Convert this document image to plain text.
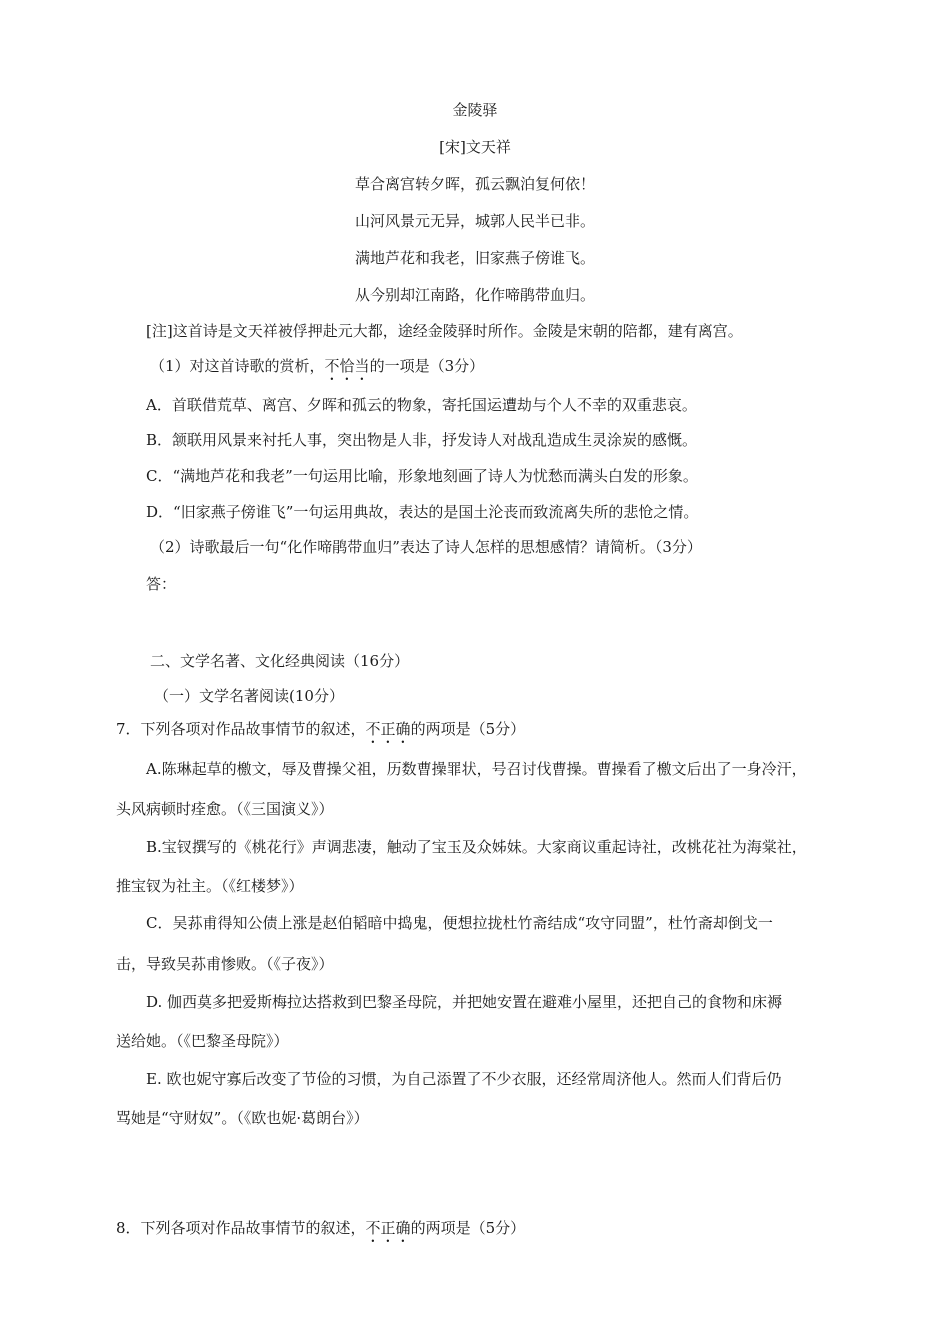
金陵驿
[宋]文天祥
草合离宫转夕晖，孤云飘泊复何依！
山河风景元无异，城郭人民半已非。
满地芦花和我老，旧家燕子傍谁飞。
从今别却江南路，化作啼鹃带血归。
[注]这首诗是文天祥被俘押赴元大都，途经金陵驿时所作。金陵是宋朝的陪都，建有离宫。
（1）对这首诗歌的赏析，不恰当的一项是（3分）
A．首联借荒草、离宫、夕晖和孤云的物象，寄托国运遭劫与个人不幸的双重悲哀。
B．颔联用风景来衬托人事，突出物是人非，抒发诗人对战乱造成生灵涂炭的感慨。
C．“满地芦花和我老”一句运用比喻，形象地刻画了诗人为忧愁而满头白发的形象。
D．“旧家燕子傍谁飞”一句运用典故，表达的是国土沦丧而致流离失所的悲怆之情。
（2）诗歌最后一句“化作啼鹃带血归”表达了诗人怎样的思想感情？请简析。（3分）
答：
二、文学名著、文化经典阅读（16分）
（一）文学名著阅读(10分）
7．下列各项对作品故事情节的叙述，不正确的两项是（5分）
A.陈琳起草的檄文，辱及曹操父祖，历数曹操罪状，号召讨伐曹操。曹操看了檄文后出了一身冷汗，
头风病顿时痊愈。（《三国演义》）
B.宝钗撰写的《桃花行》声调悲凄，触动了宝玉及众姊妹。大家商议重起诗社，改桃花社为海棠社，
推宝钗为社主。（《红楼梦》）
C．吴荪甫得知公债上涨是赵伯韬暗中捣鬼，便想拉拢杜竹斋结成“攻守同盟”，杜竹斋却倒戈一
击，导致吴荪甫惨败。（《子夜》）
D. 伽西莫多把爱斯梅拉达搭救到巴黎圣母院，并把她安置在避难小屋里，还把自己的食物和床褥
送给她。（《巴黎圣母院》）
E. 欧也妮守寡后改变了节俭的习惯，为自己添置了不少衣服，还经常周济他人。然而人们背后仍
骂她是“守财奴”。（《欧也妮·葛朗台》）
8．下列各项对作品故事情节的叙述，不正确的两项是（5分）
